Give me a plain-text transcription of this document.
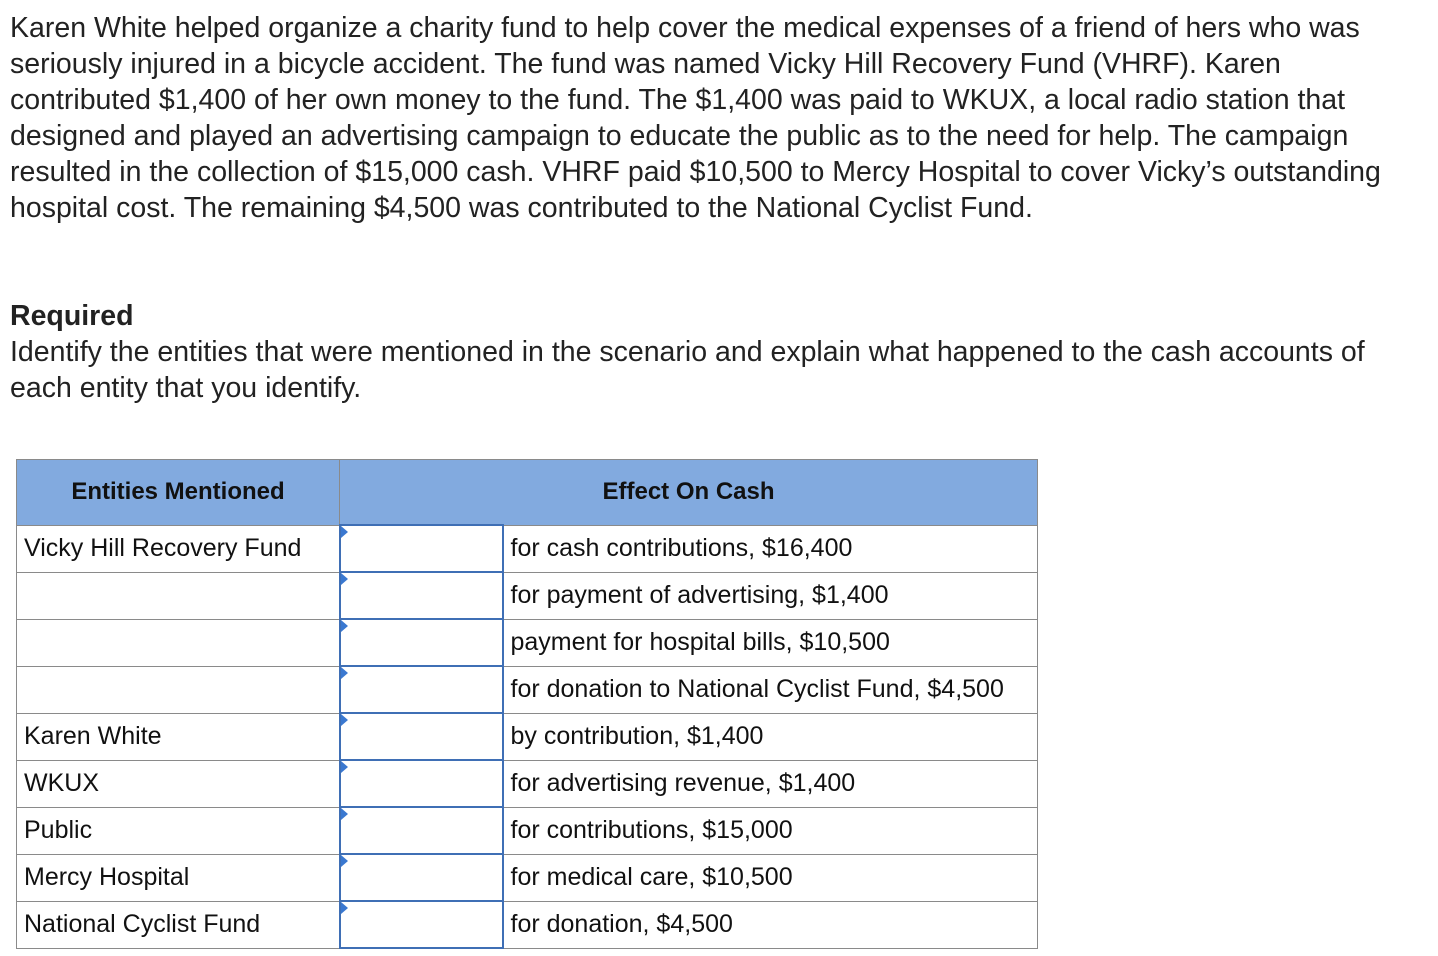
Karen White helped organize a charity fund to help cover the medical expenses of a friend of hers who was seriously injured in a bicycle accident. The fund was named Vicky Hill Recovery Fund (VHRF). Karen contributed $1,400 of her own money to the fund. The $1,400 was paid to WKUX, a local radio station that designed and played an advertising campaign to educate the public as to the need for help. The campaign resulted in the collection of $15,000 cash. VHRF paid $10,500 to Mercy Hospital to cover Vicky’s outstanding hospital cost. The remaining $4,500 was contributed to the National Cyclist Fund.

Required

Identify the entities that were mentioned in the scenario and explain what happened to the cash accounts of each entity that you identify.

Entities Mentioned	Effect On Cash	
Vicky Hill Recovery Fund		for cash contributions, $16,400

	for payment of advertising, $1,400

	payment for hospital bills, $10,500

	for donation to National Cyclist Fund, $4,500
Karen White		by contribution, $1,400
WKUX		for advertising revenue, $1,400
Public		for contributions, $15,000
Mercy Hospital		for medical care, $10,500
National Cyclist Fund		for donation, $4,500
